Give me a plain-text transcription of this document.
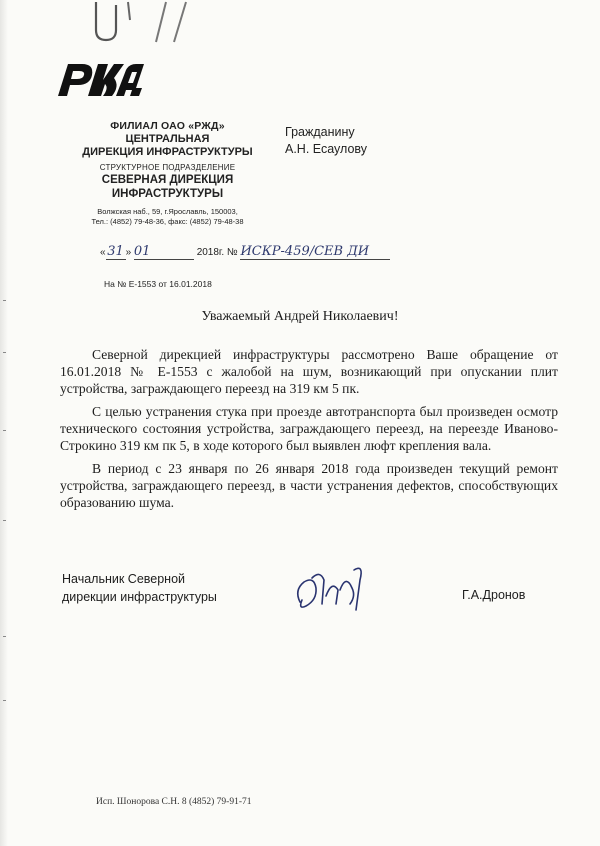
ФИЛИАЛ ОАО «РЖД»
ЦЕНТРАЛЬНАЯ
ДИРЕКЦИЯ ИНФРАСТРУКТУРЫ
СТРУКТУРНОЕ ПОДРАЗДЕЛЕНИЕ
СЕВЕРНАЯ ДИРЕКЦИЯ
ИНФРАСТРУКТУРЫ
Волжская наб., 59, г.Ярославль, 150003,
Тел.: (4852) 79-48-36, факс: (4852) 79-48-38
Гражданину
А.Н. Есаулову
« 31 » 01	2018г. № ИСКР-459/СЕВ ДИ
На № Е-1553 от 16.01.2018
Уважаемый Андрей Николаевич!

Северной дирекцией инфраструктуры рассмотрено Ваше обращение от 16.01.2018 № Е-1553 с жалобой на шум, возникающий при опускании плит устройства, заграждающего переезд на 319 км 5 пк.

С целью устранения стука при проезде автотранспорта был произведен осмотр технического состояния устройства, заграждающего переезд, на переезде Иваново-Строкино 319 км пк 5, в ходе которого был выявлен люфт крепления вала.

В период с 23 января по 26 января 2018 года произведен текущий ремонт устройства, заграждающего переезд, в части устранения дефектов, способствующих образованию шума.

Начальник Северной
дирекции инфраструктуры	Г.А.Дронов
Исп. Шонорова С.Н. 8 (4852) 79-91-71
